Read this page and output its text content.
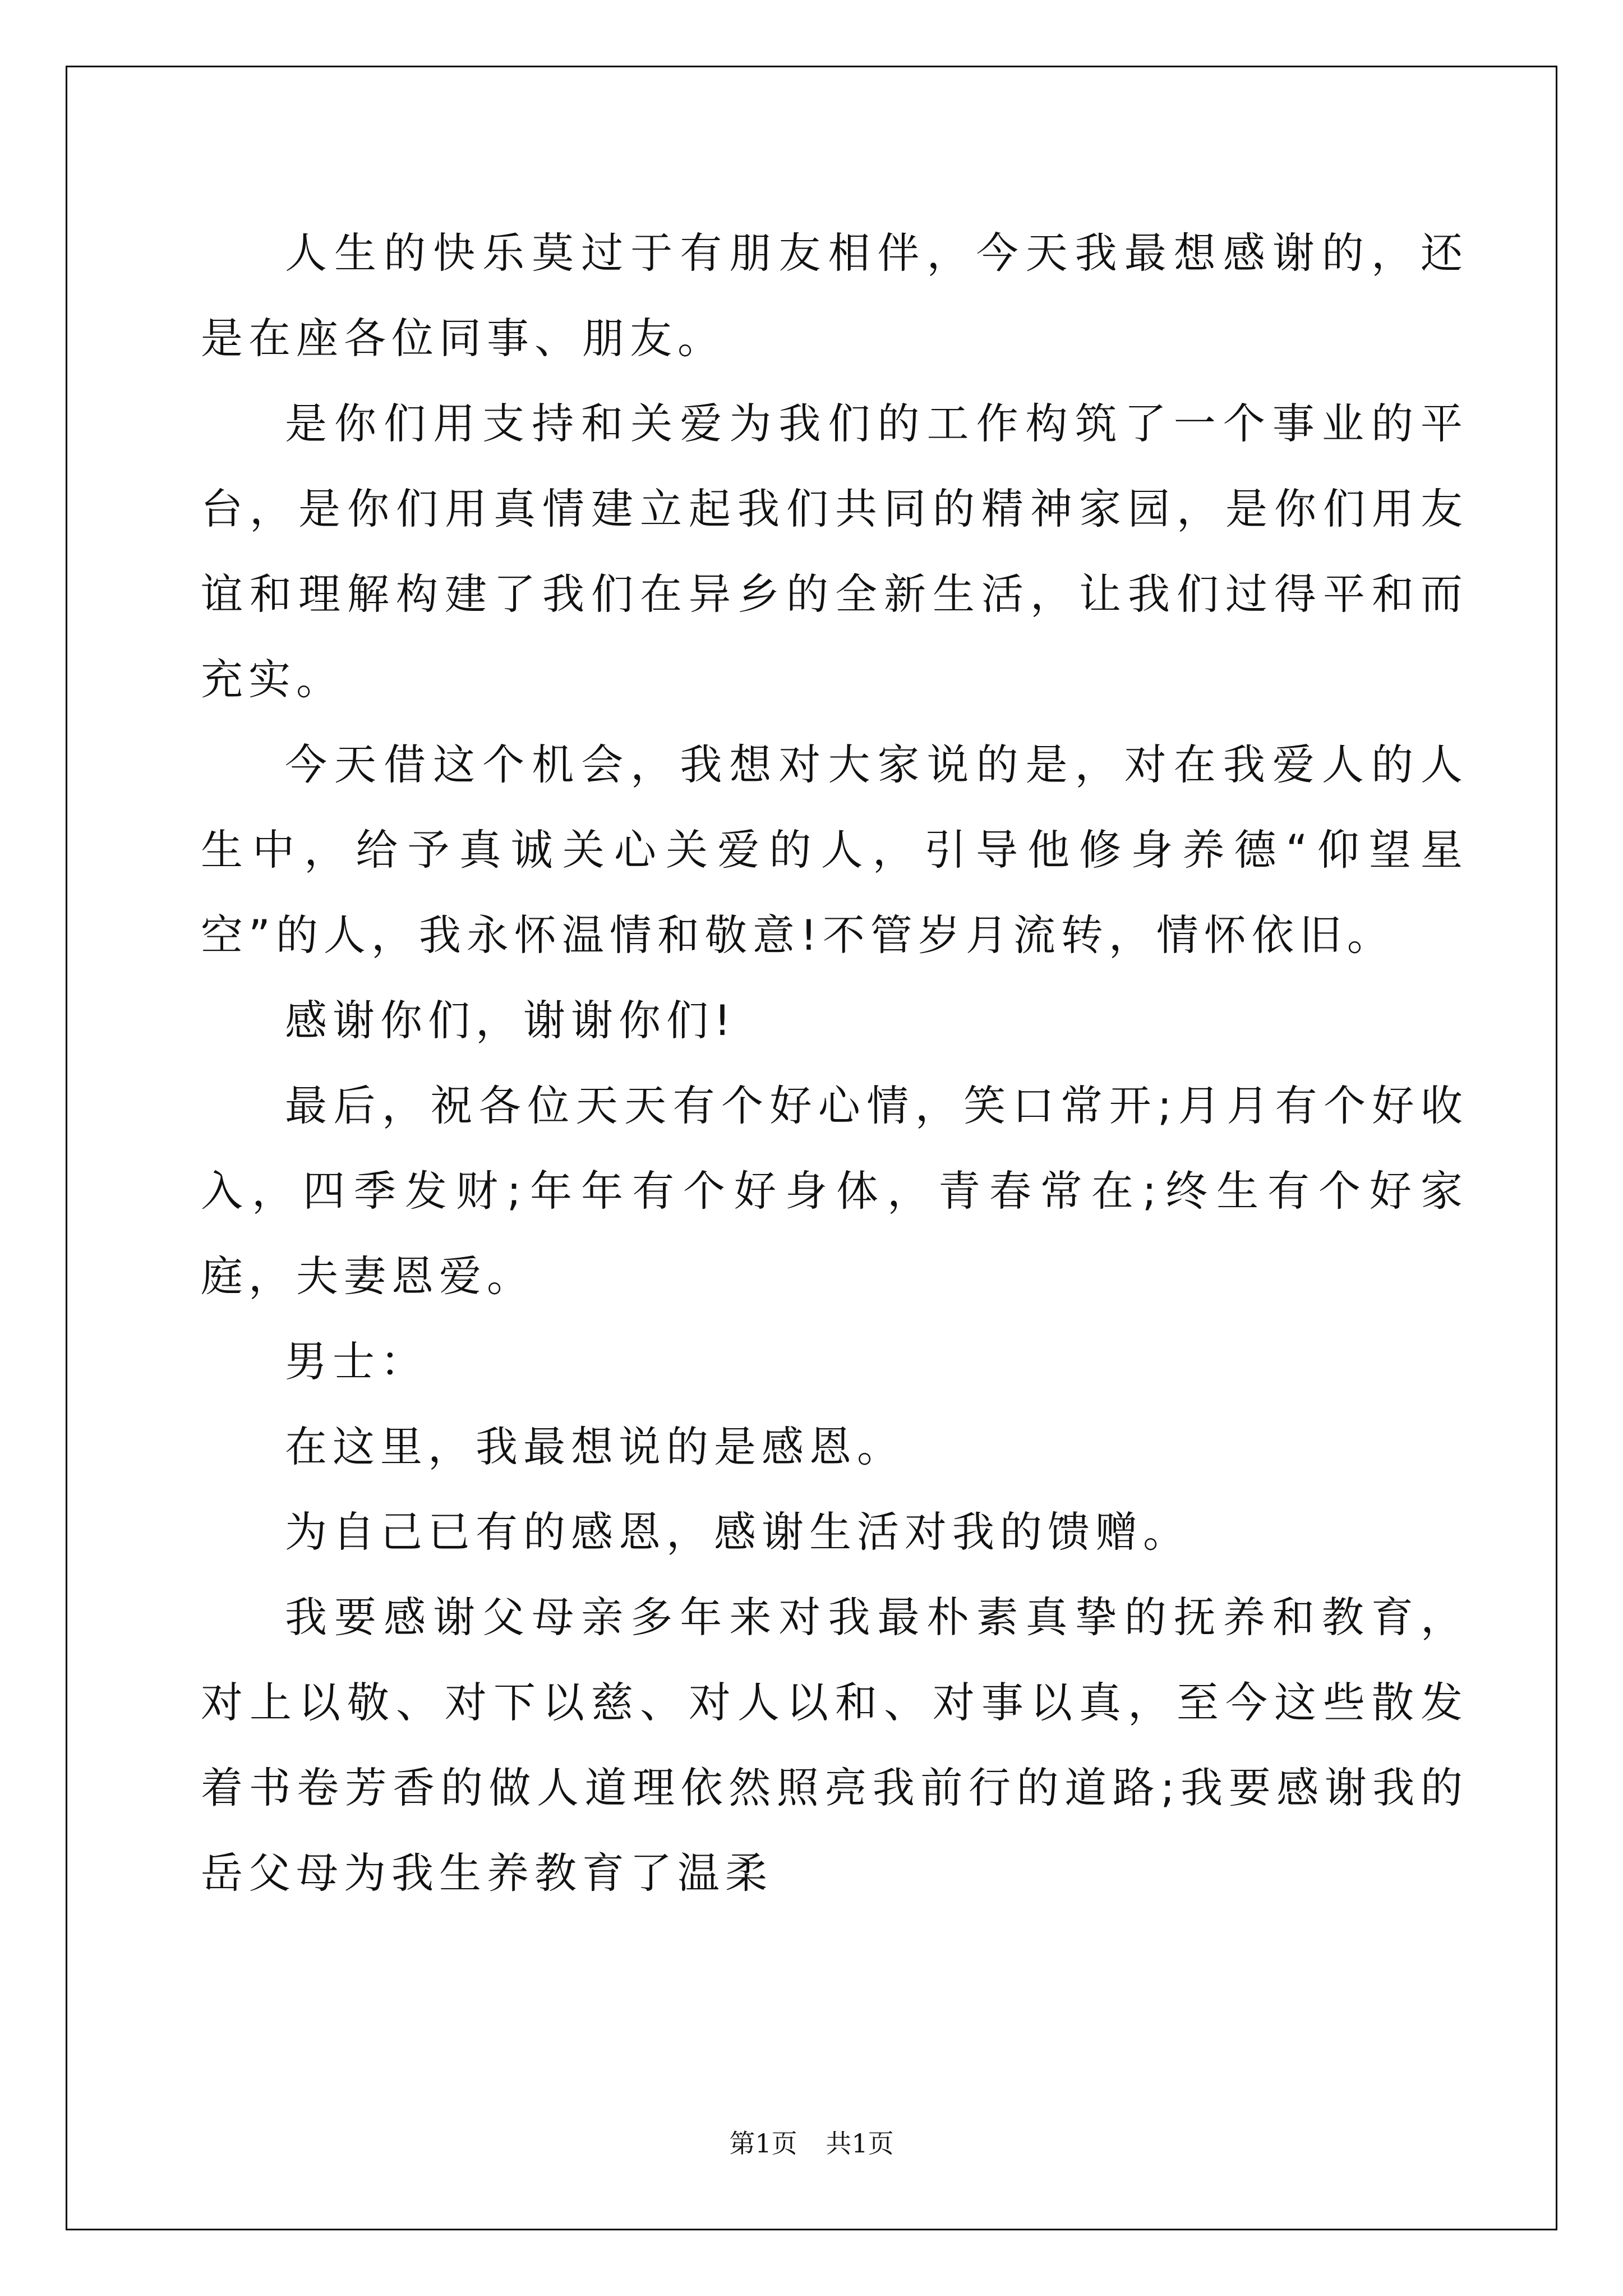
人生的快乐莫过于有朋友相伴，今天我最想感谢的，还是在座各位同事、朋友。

是你们用支持和关爱为我们的工作构筑了一个事业的平台，是你们用真情建立起我们共同的精神家园，是你们用友谊和理解构建了我们在异乡的全新生活，让我们过得平和而充实。

今天借这个机会，我想对大家说的是，对在我爱人的人生中，给予真诚关心关爱的人，引导他修身养德“仰望星空”的人，我永怀温情和敬意!不管岁月流转，情怀依旧。

感谢你们，谢谢你们!

最后，祝各位天天有个好心情，笑口常开;月月有个好收入，四季发财;年年有个好身体，青春常在;终生有个好家庭，夫妻恩爱。

男士：

在这里，我最想说的是感恩。

为自己已有的感恩，感谢生活对我的馈赠。

我要感谢父母亲多年来对我最朴素真挚的抚养和教育，对上以敬、对下以慈、对人以和、对事以真，至今这些散发着书卷芳香的做人道理依然照亮我前行的道路;我要感谢我的岳父母为我生养教育了温柔

第1页 共1页
